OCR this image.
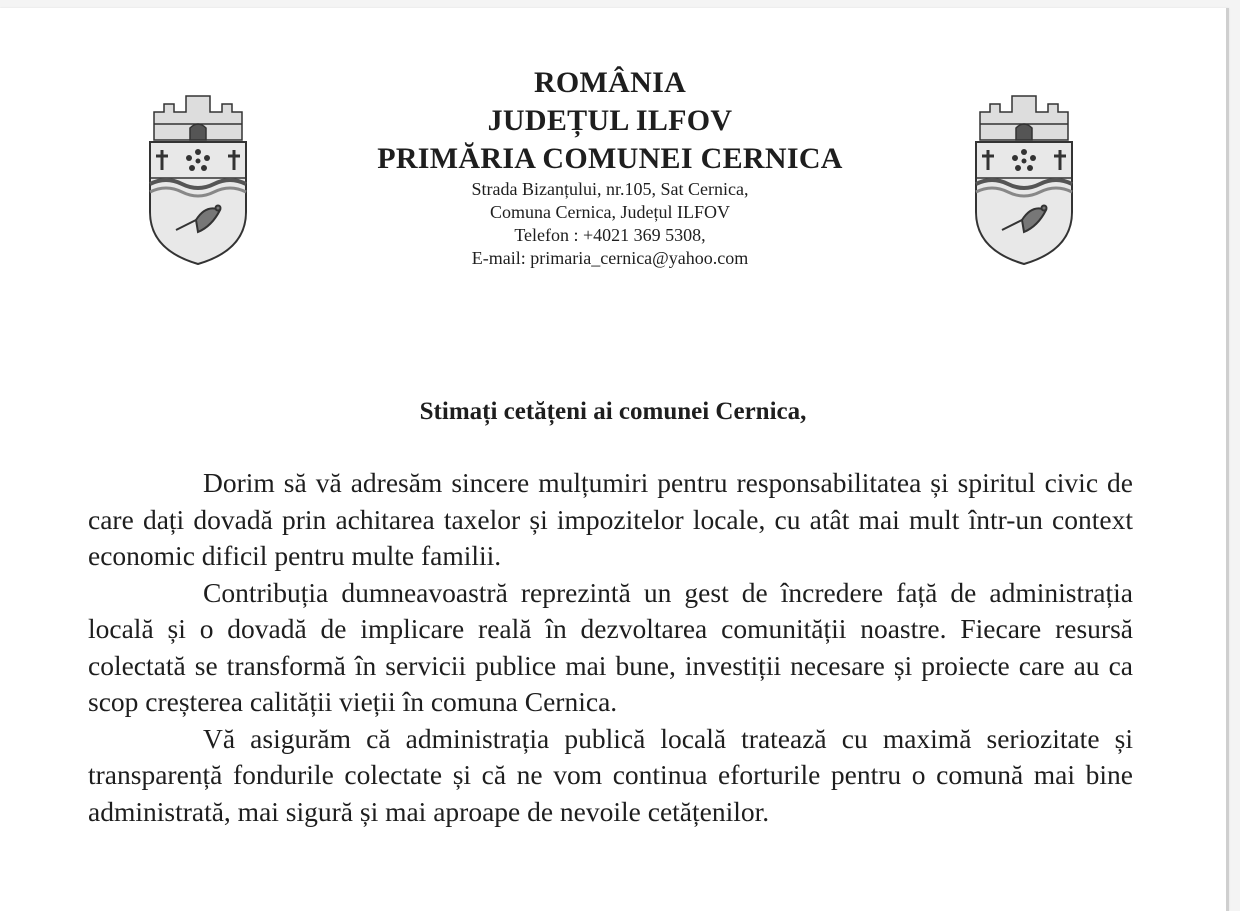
ROMÂNIA
JUDEȚUL ILFOV
PRIMĂRIA COMUNEI CERNICA
Strada Bizanțului, nr.105, Sat Cernica,
Comuna Cernica, Județul ILFOV
Telefon : +4021 369 5308,
E-mail: primaria_cernica@yahoo.com
Stimați cetățeni ai comunei Cernica,

Dorim să vă adresăm sincere mulțumiri pentru responsabilitatea și spiritul civic de care dați dovadă prin achitarea taxelor și impozitelor locale, cu atât mai mult într-un context economic dificil pentru multe familii.

Contribuția dumneavoastră reprezintă un gest de încredere față de administrația locală și o dovadă de implicare reală în dezvoltarea comunității noastre. Fiecare resursă colectată se transformă în servicii publice mai bune, investiții necesare și proiecte care au ca scop creșterea calității vieții în comuna Cernica.

Vă asigurăm că administrația publică locală tratează cu maximă seriozitate și transparență fondurile colectate și că ne vom continua eforturile pentru o comună mai bine administrată, mai sigură și mai aproape de nevoile cetățenilor.
